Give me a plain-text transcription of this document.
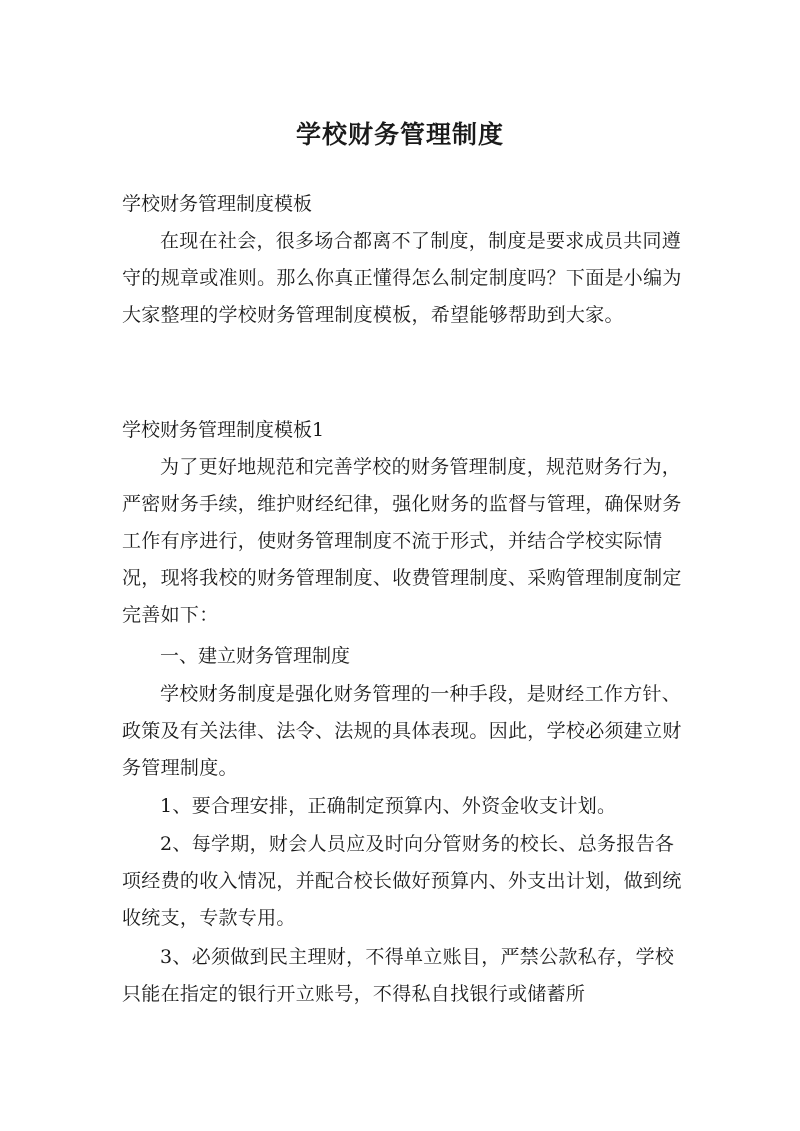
学校财务管理制度

学校财务管理制度模板

在现在社会，很多场合都离不了制度，制度是要求成员共同遵守的规章或准则。那么你真正懂得怎么制定制度吗？下面是小编为大家整理的学校财务管理制度模板，希望能够帮助到大家。

学校财务管理制度模板1

为了更好地规范和完善学校的财务管理制度，规范财务行为，严密财务手续，维护财经纪律，强化财务的监督与管理，确保财务工作有序进行，使财务管理制度不流于形式，并结合学校实际情况，现将我校的财务管理制度、收费管理制度、采购管理制度制定完善如下：

一、建立财务管理制度

学校财务制度是强化财务管理的一种手段，是财经工作方针、政策及有关法律、法令、法规的具体表现。因此，学校必须建立财务管理制度。

1、要合理安排，正确制定预算内、外资金收支计划。

2、每学期，财会人员应及时向分管财务的校长、总务报告各项经费的收入情况，并配合校长做好预算内、外支出计划，做到统收统支，专款专用。

3、必须做到民主理财，不得单立账目，严禁公款私存，学校只能在指定的银行开立账号，不得私自找银行或储蓄所
